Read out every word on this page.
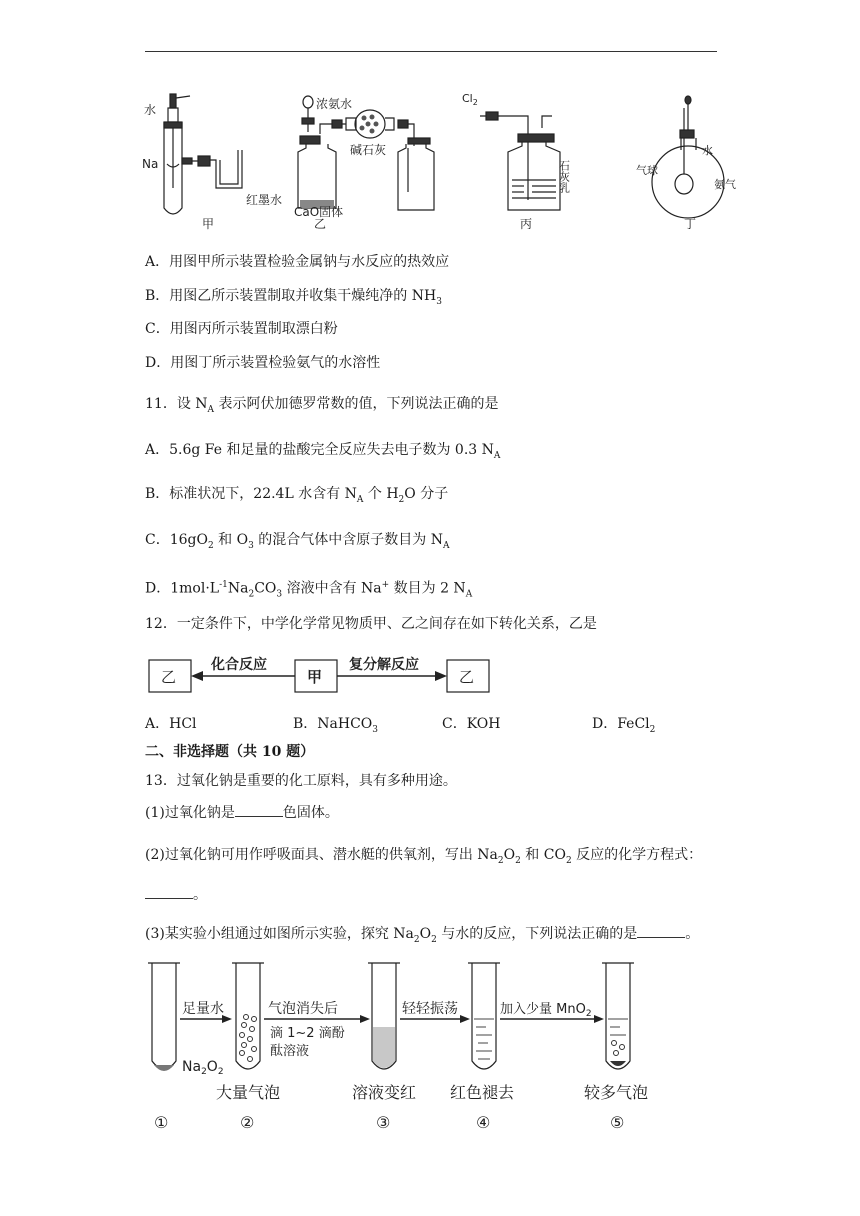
水
Na
红墨水
甲
浓氨水
碱石灰
CaO固体
乙
$Cl_2$
石灰乳
丙
水
气球
氨气
丁
A．用图甲所示装置检验金属钠与水反应的热效应
B．用图乙所示装置制取并收集干燥纯净的 $NH_3$
C．用图丙所示装置制取漂白粉
D．用图丁所示装置检验氨气的水溶性
11．设 $N_A$ 表示阿伏加德罗常数的值，下列说法正确的是
A．5.6g Fe 和足量的盐酸完全反应失去电子数为 0.3 $N_A$
B．标准状况下，22.4L 水含有 $N_A$ 个 $H_2O$ 分子
C．$16gO_2$ 和 $O_3$ 的混合气体中含原子数目为 $N_A$
D．$1mol\cdot L^{-1}Na_2CO_3$ 溶液中含有 Na+ 数目为 2 $N_A$
12．一定条件下，中学化学常见物质甲、乙之间存在如下转化关系，乙是
乙	甲	乙
化合反应	复分解反应
A．HCl	B．NaHCO$_3$	C．KOH	D．FeCl$_2$
二、非选择题（共 10 题）
13．过氧化钠是重要的化工原料，具有多种用途。
(1)过氧化钠是	色固体。
(2)过氧化钠可用作呼吸面具、潜水艇的供氧剂，写出 $Na_2O_2$ 和 $CO_2$ 反应的化学方程式：
。
(3)某实验小组通过如图所示实验，探究 $Na_2O_2$ 与水的反应，下列说法正确的是	。
足量水	气泡消失后
滴 1~2 滴酚
酞溶液
轻轻振荡	加入少量 MnO$_2$
$Na_2O_2$
大量气泡	溶液变红 红色褪去	较多气泡
①	②	③	④	⑤
